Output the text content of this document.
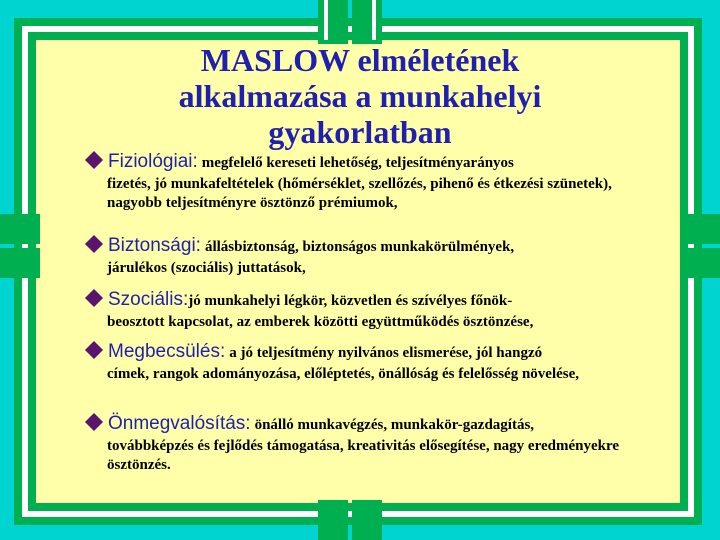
MASLOW elméletének alkalmazása a munkahelyi gyakorlatban
Fiziológiai: megfelelő kereseti lehetőség, teljesítményarányos
fizetés, jó munkafeltételek (hőmérséklet, szellőzés, pihenő és étkezési szünetek), nagyobb teljesítményre ösztönző prémiumok,
Biztonsági: állásbiztonság, biztonságos munkakörülmények,
járulékos (szociális) juttatások,
Szociális:jó munkahelyi légkör, közvetlen és szívélyes főnök-
beosztott kapcsolat, az emberek közötti együttműködés ösztönzése,
Megbecsülés: a jó teljesítmény nyilvános elismerése, jól hangzó
címek, rangok adományozása, előléptetés, önállóság és felelősség növelése,
Önmegvalósítás: önálló munkavégzés, munkakör-gazdagítás,
továbbképzés és fejlődés támogatása, kreativitás elősegítése, nagy eredményekre ösztönzés.
